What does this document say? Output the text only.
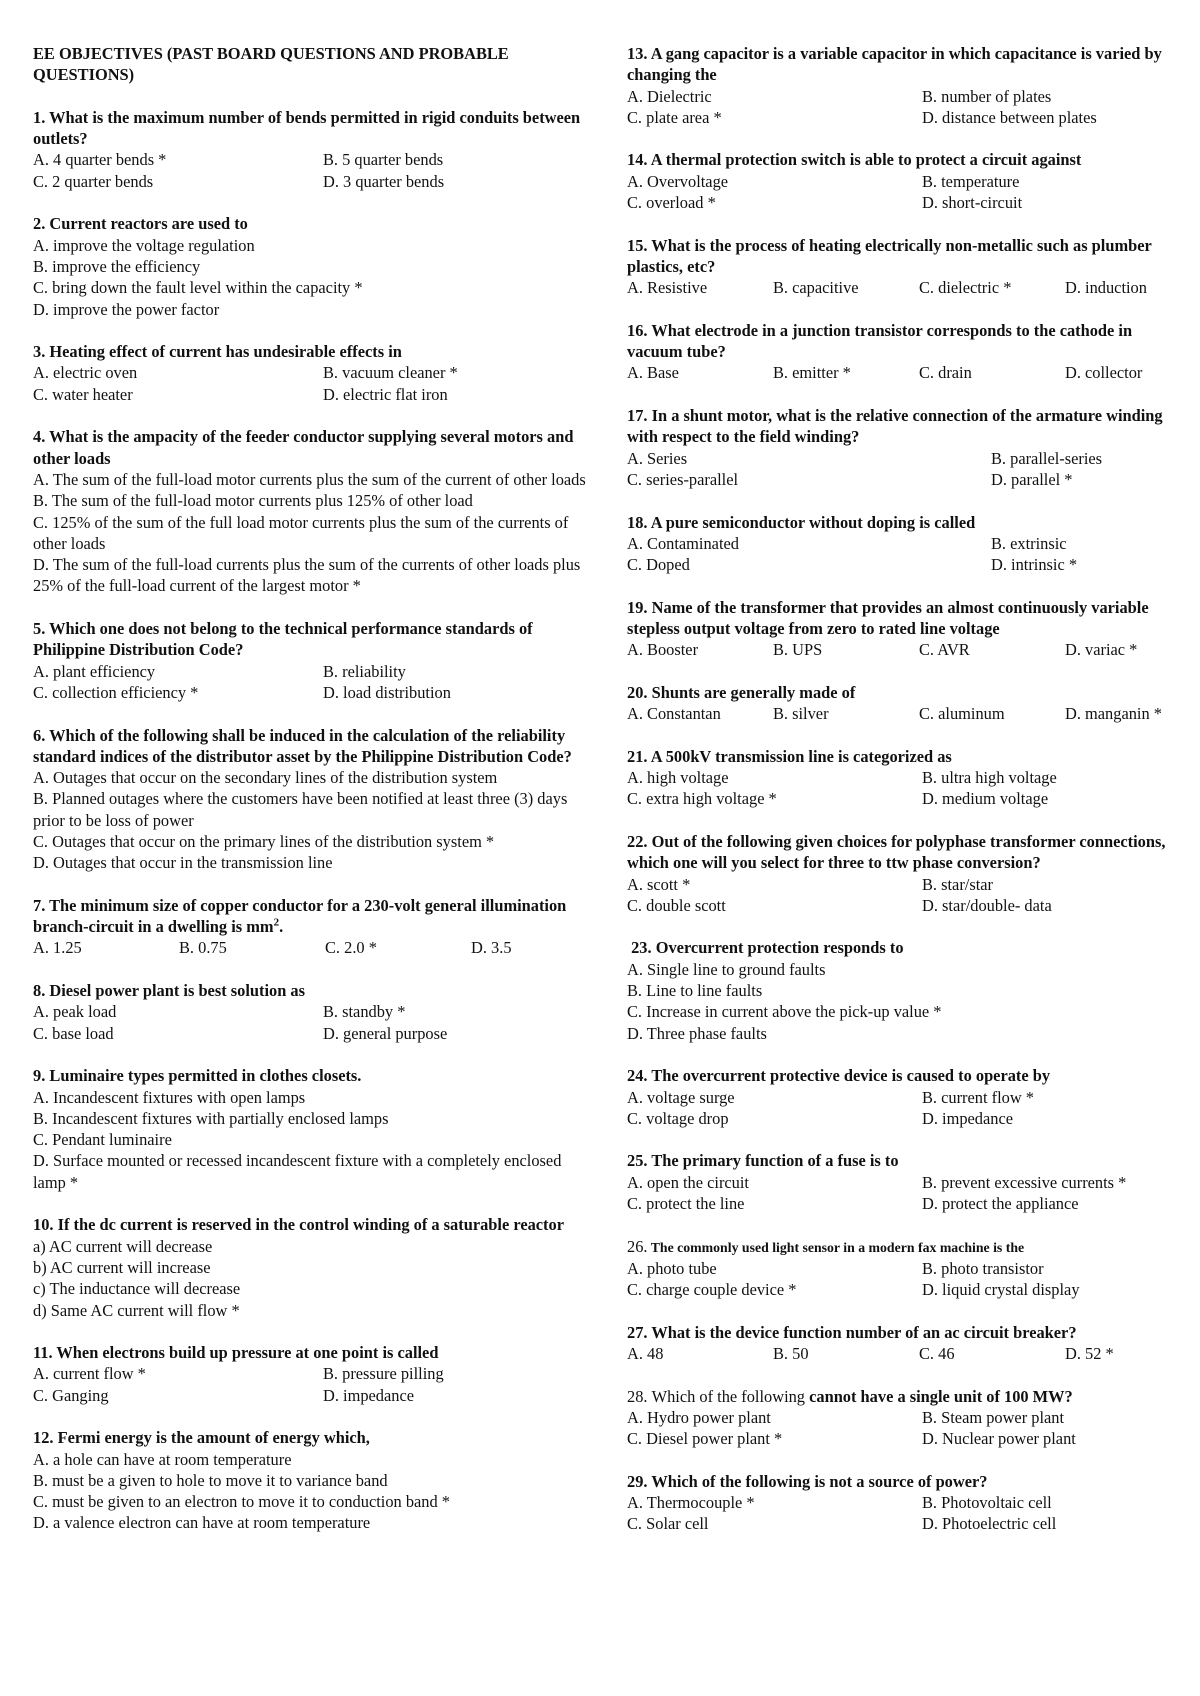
EE OBJECTIVES (PAST BOARD QUESTIONS AND PROBABLE QUESTIONS)
1. What is the maximum number of bends permitted in rigid conduits between outlets?
A. 4 quarter bends *	B. 5 quarter bends
C. 2 quarter bends	D. 3 quarter bends
2. Current reactors are used to
A. improve the voltage regulation
B. improve the efficiency
C. bring down the fault level within the capacity *
D. improve the power factor
3. Heating effect of current has undesirable effects in
A. electric oven	B. vacuum cleaner *
C. water heater	D. electric flat iron
4. What is the ampacity of the feeder conductor supplying several motors and other loads
A. The sum of the full-load motor currents plus the sum of the current of other loads
B. The sum of the full-load motor currents plus 125% of other load
C. 125% of the sum of the full load motor currents plus the sum of the currents of other loads
D. The sum of the full-load currents plus the sum of the currents of other loads plus 25% of the full-load current of the largest motor *
5. Which one does not belong to the technical performance standards of Philippine Distribution Code?
A. plant efficiency	B. reliability
C. collection efficiency *	D. load distribution
6. Which of the following shall be induced in the calculation of the reliability standard indices of the distributor asset by the Philippine Distribution Code?
A. Outages that occur on the secondary lines of the distribution system
B. Planned outages where the customers have been notified at least three (3) days prior to be loss of power
C. Outages that occur on the primary lines of the distribution system *
D. Outages that occur in the transmission line
7. The minimum size of copper conductor for a 230-volt general illumination branch-circuit in a dwelling is $mm^2$.
A. 1.25	B. 0.75	C. 2.0 *	D. 3.5
8. Diesel power plant is best solution as
A. peak load	B. standby *
C. base load	D. general purpose
9. Luminaire types permitted in clothes closets.
A. Incandescent fixtures with open lamps
B. Incandescent fixtures with partially enclosed lamps
C. Pendant luminaire
D. Surface mounted or recessed incandescent fixture with a completely enclosed lamp *
10. If the dc current is reserved in the control winding of a saturable reactor
a) AC current will decrease
b) AC current will increase
c) The inductance will decrease
d) Same AC current will flow *
11. When electrons build up pressure at one point is called
A. current flow *	B. pressure pilling
C. Ganging	D. impedance
12. Fermi energy is the amount of energy which,
A. a hole can have at room temperature
B. must be a given to hole to move it to variance band
C. must be given to an electron to move it to conduction band *
D. a valence electron can have at room temperature
13. A gang capacitor is a variable capacitor in which capacitance is varied by changing the
A. Dielectric	B. number of plates
C. plate area *	D. distance between plates
14. A thermal protection switch is able to protect a circuit against
A. Overvoltage	B. temperature
C. overload *	D. short-circuit
15. What is the process of heating electrically non-metallic such as plumber plastics, etc?
A. Resistive	B. capacitive	C. dielectric *	D. induction
16. What electrode in a junction transistor corresponds to the cathode in vacuum tube?
A. Base	B. emitter *	C. drain	D. collector
17. In a shunt motor, what is the relative connection of the armature winding with respect to the field winding?
A. Series	B. parallel-series
C. series-parallel	D. parallel *
18. A pure semiconductor without doping is called
A. Contaminated	B. extrinsic
C. Doped	D. intrinsic *
19. Name of the transformer that provides an almost continuously variable stepless output voltage from zero to rated line voltage
A. Booster	B. UPS	C. AVR	D. variac *
20. Shunts are generally made of
A. Constantan	B. silver	C. aluminum	D. manganin *
21. A 500kV transmission line is categorized as
A. high voltage	B. ultra high voltage
C. extra high voltage *	D. medium voltage
22. Out of the following given choices for polyphase transformer connections, which one will you select for three to ttw phase conversion?
A. scott *	B. star/star
C. double scott	D. star/double- data
23. Overcurrent protection responds to
A. Single line to ground faults
B. Line to line faults
C. Increase in current above the pick-up value *
D. Three phase faults
24. The overcurrent protective device is caused to operate by
A. voltage surge	B. current flow *
C. voltage drop	D. impedance
25. The primary function of a fuse is to
A. open the circuit	B. prevent excessive currents *
C. protect the line	D. protect the appliance
26. The commonly used light sensor in a modern fax machine is the
A. photo tube	B. photo transistor
C. charge couple device *	D. liquid crystal display
27. What is the device function number of an ac circuit breaker?
A. 48	B. 50	C. 46	D. 52 *
28. Which of the following cannot have a single unit of 100 MW?
A. Hydro power plant	B. Steam power plant
C. Diesel power plant *	D. Nuclear power plant
29. Which of the following is not a source of power?
A. Thermocouple *	B. Photovoltaic cell
C. Solar cell	D. Photoelectric cell
